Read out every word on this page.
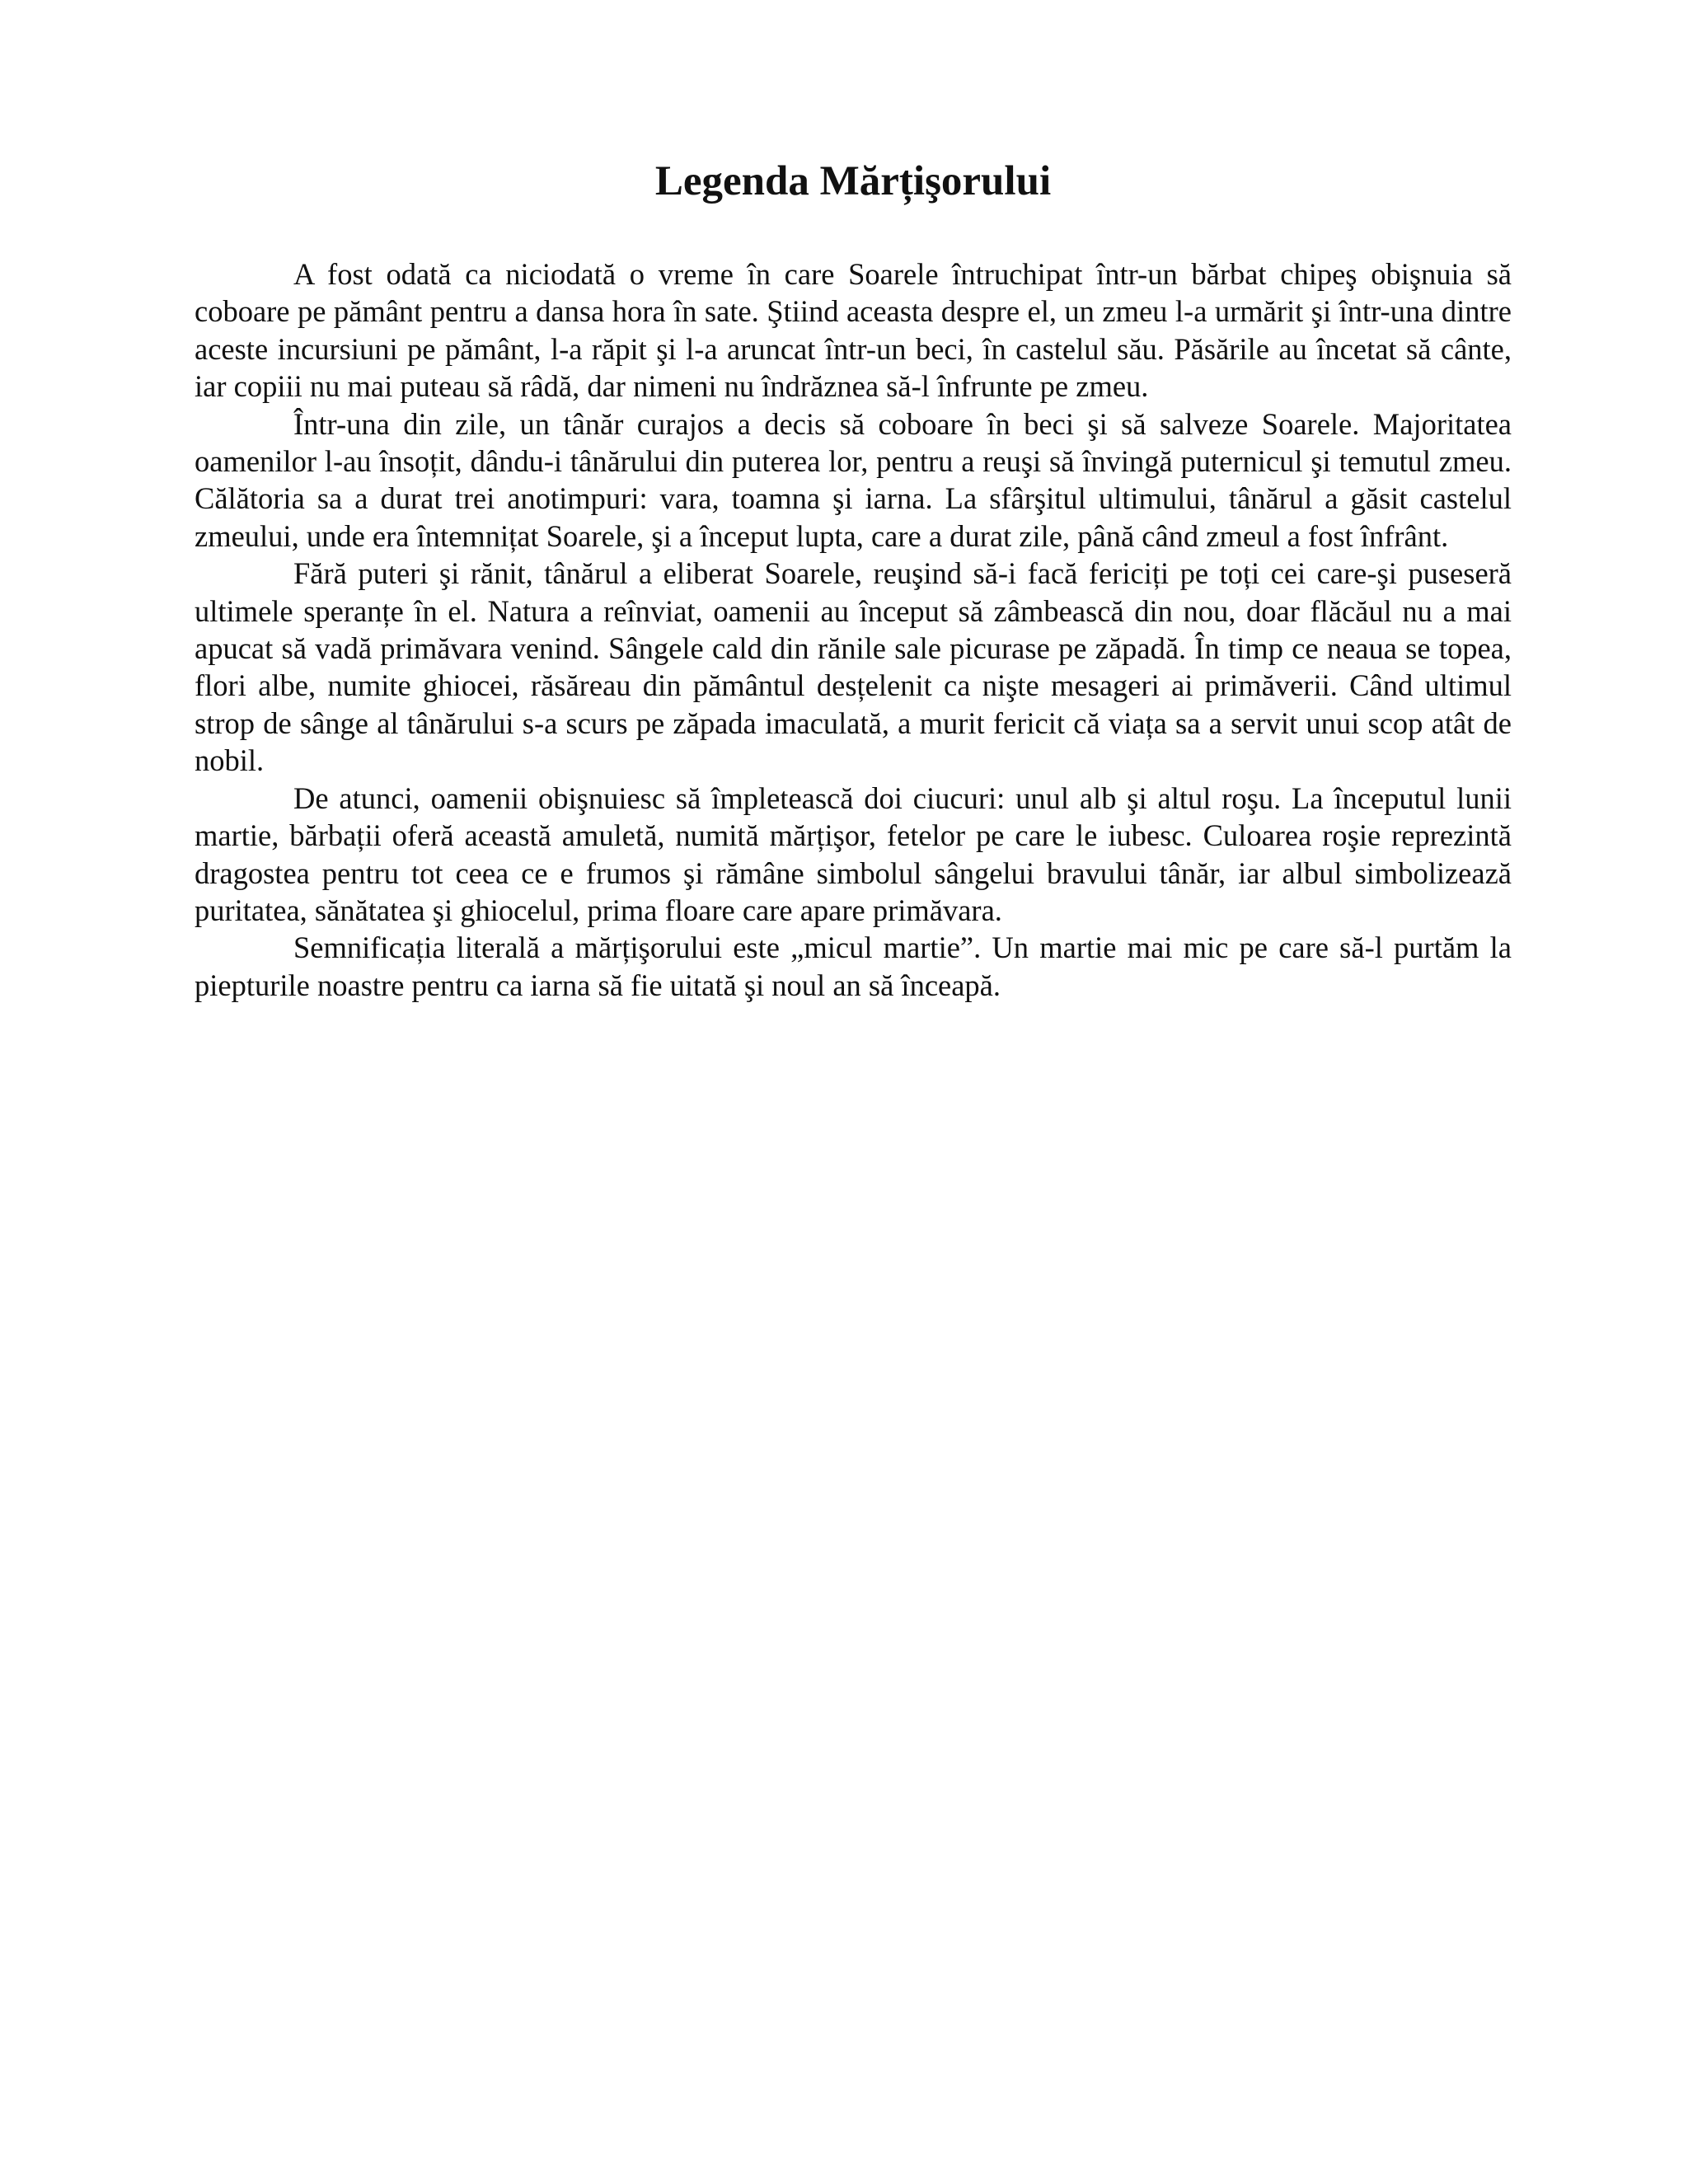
Legenda Mărțişorului

A fost odată ca niciodată o vreme în care Soarele întruchipat într-un bărbat chipeş obişnuia să coboare pe pământ pentru a dansa hora în sate. Ştiind aceasta despre el, un zmeu l-a urmărit şi într-una dintre aceste incursiuni pe pământ, l-a răpit şi l-a aruncat într-un beci, în castelul său. Păsările au încetat să cânte, iar copiii nu mai puteau să râdă, dar nimeni nu îndrăznea să-l înfrunte pe zmeu.

Într-una din zile, un tânăr curajos a decis să coboare în beci şi să salveze Soarele. Majoritatea oamenilor l-au însoțit, dându-i tânărului din puterea lor, pentru a reuşi să învingă puternicul şi temutul zmeu. Călătoria sa a durat trei anotimpuri: vara, toamna şi iarna. La sfârşitul ultimului, tânărul a găsit castelul zmeului, unde era întemnițat Soarele, şi a început lupta, care a durat zile, până când zmeul a fost înfrânt.

Fără puteri şi rănit, tânărul a eliberat Soarele, reuşind să-i facă fericiți pe toți cei care-şi puseseră ultimele speranțe în el. Natura a reînviat, oamenii au început să zâmbească din nou, doar flăcăul nu a mai apucat să vadă primăvara venind. Sângele cald din rănile sale picurase pe zăpadă. În timp ce neaua se topea, flori albe, numite ghiocei, răsăreau din pământul desțelenit ca nişte mesageri ai primăverii. Când ultimul strop de sânge al tânărului s-a scurs pe zăpada imaculată, a murit fericit că viața sa a servit unui scop atât de nobil.

De atunci, oamenii obişnuiesc să împletească doi ciucuri: unul alb şi altul roşu. La începutul lunii martie, bărbații oferă această amuletă, numită mărțişor, fetelor pe care le iubesc. Culoarea roşie reprezintă dragostea pentru tot ceea ce e frumos şi rămâne simbolul sângelui bravului tânăr, iar albul simbolizează puritatea, sănătatea şi ghiocelul, prima floare care apare primăvara.

Semnificația literală a mărțişorului este „micul martie”. Un martie mai mic pe care să-l purtăm la piepturile noastre pentru ca iarna să fie uitată şi noul an să înceapă.
